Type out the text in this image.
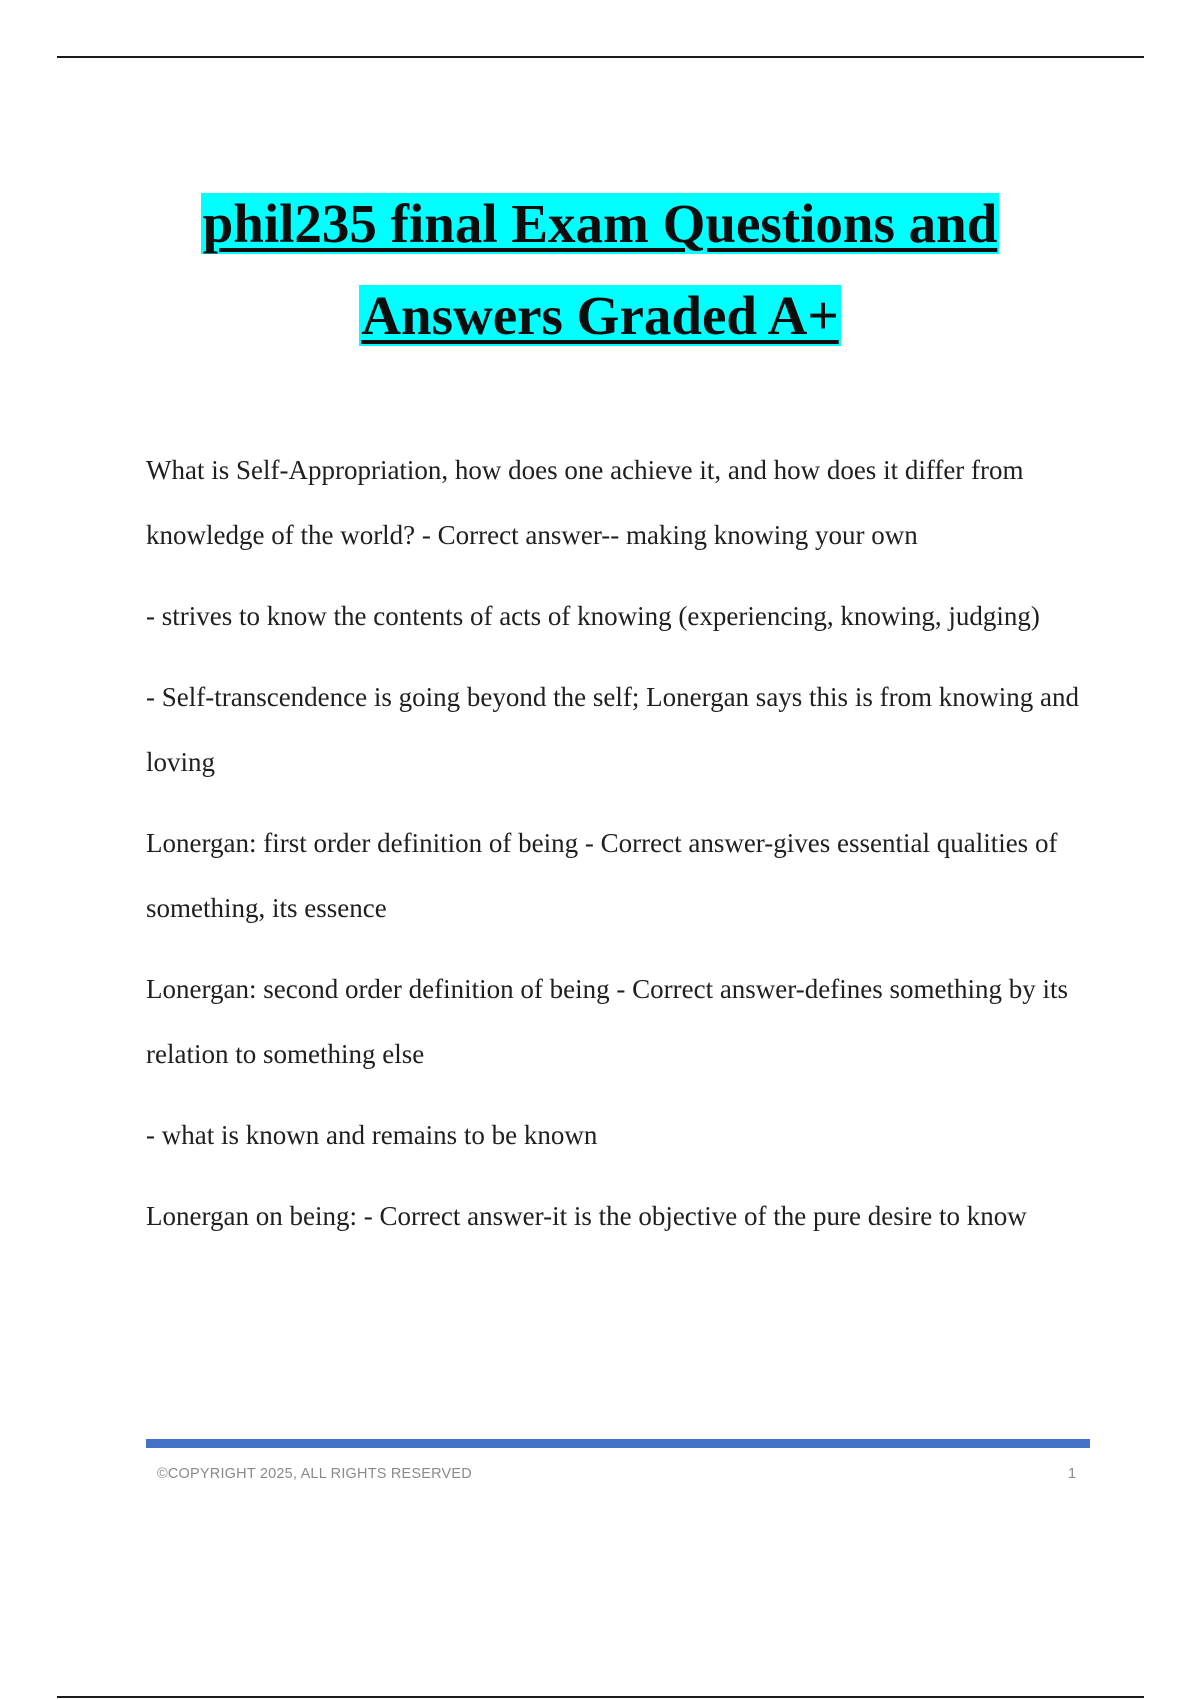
phil235 final Exam Questions and
Answers Graded A+

What is Self-Appropriation, how does one achieve it, and how does it differ from knowledge of the world? - Correct answer-- making knowing your own

- strives to know the contents of acts of knowing (experiencing, knowing, judging)

- Self-transcendence is going beyond the self; Lonergan says this is from knowing and loving

Lonergan: first order definition of being - Correct answer-gives essential qualities of something, its essence

Lonergan: second order definition of being - Correct answer-defines something by its relation to something else

- what is known and remains to be known

Lonergan on being: - Correct answer-it is the objective of the pure desire to know

©COPYRIGHT 2025, ALL RIGHTS RESERVED	1
